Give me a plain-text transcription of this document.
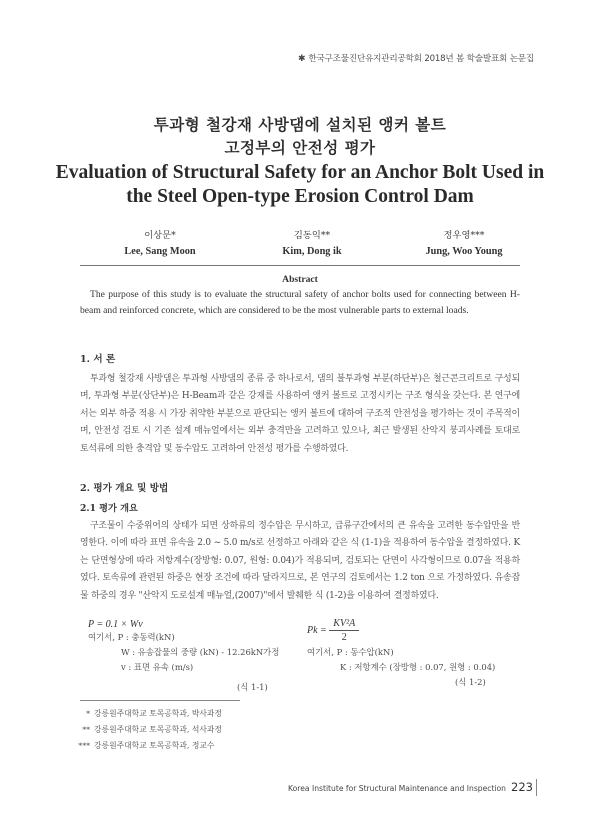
✱ 한국구조물진단유지관리공학회 2018년 봄 학술발표회 논문집
투과형 철강재 사방댐에 설치된 앵커 볼트
고정부의 안전성 평가
Evaluation of Structural Safety for an Anchor Bolt Used in
the Steel Open-type Erosion Control Dam
이상문*
Lee, Sang Moon
김동익**
Kim, Dong ik
정우영***
Jung, Woo Young
Abstract
The purpose of this study is to evaluate the structural safety of anchor bolts used for connecting between H-beam and reinforced concrete, which are considered to be the most vulnerable parts to external loads.
1. 서 론
투과형 철강재 사방댐은 투과형 사방댐의 종류 중 하나로서, 댐의 불투과형 부분(하단부)은 철근콘크리트로 구성되며, 투과형 부분(상단부)은 H-Beam과 같은 강재를 사용하여 앵커 볼트로 고정시키는 구조 형식을 갖는다. 본 연구에서는 외부 하중 적용 시 가장 취약한 부분으로 판단되는 앵커 볼트에 대하여 구조적 안전성을 평가하는 것이 주목적이며, 안전성 검토 시 기존 설계 매뉴얼에서는 외부 충격만을 고려하고 있으나, 최근 발생된 산악지 붕괴사례를 토대로 토석류에 의한 충격압 및 동수압도 고려하여 안전성 평가를 수행하였다.
2. 평가 개요 및 방법
2.1 평가 개요
구조물이 수중위어의 상태가 되면 상하류의 정수압은 무시하고, 급류구간에서의 큰 유속을 고려한 동수압만을 반영한다. 이에 따라 표면 유속을 2.0 ~ 5.0 m/s로 선정하고 아래와 같은 식 (1-1)을 적용하여 동수압을 결정하였다. K는 단면형상에 따라 저항계수(장방형: 0.07, 원형: 0.04)가 적용되며, 검토되는 단면이 사각형이므로 0.07을 적용하였다. 토속류에 관련된 하중은 현장 조건에 따라 달라지므로, 본 연구의 검토에서는 1.2 ton 으로 가정하였다. 유송잡물 하중의 경우 "산악지 도로설계 매뉴얼,(2007)"에서 발췌한 식 (1-2)을 이용하여 결정하였다.
P = 0.1 × Wv
여기서, P : 충동력(kN)
W : 유송잡물의 중량 (kN) - 12.26kN가정
v : 표면 유속 (m/s)
(식 1-1)
$Pk = \frac{\text{KV²A}}{2}$
여기서, P : 동수압(kN)
K : 저항계수 (장방형 : 0.07, 원형 : 0.04)
(식 1-2)
* 강릉원주대학교 토목공학과, 박사과정
** 강릉원주대학교 토목공학과, 석사과정
*** 강릉원주대학교 토목공학과, 정교수
Korea Institute for Structural Maintenance and Inspection 223
